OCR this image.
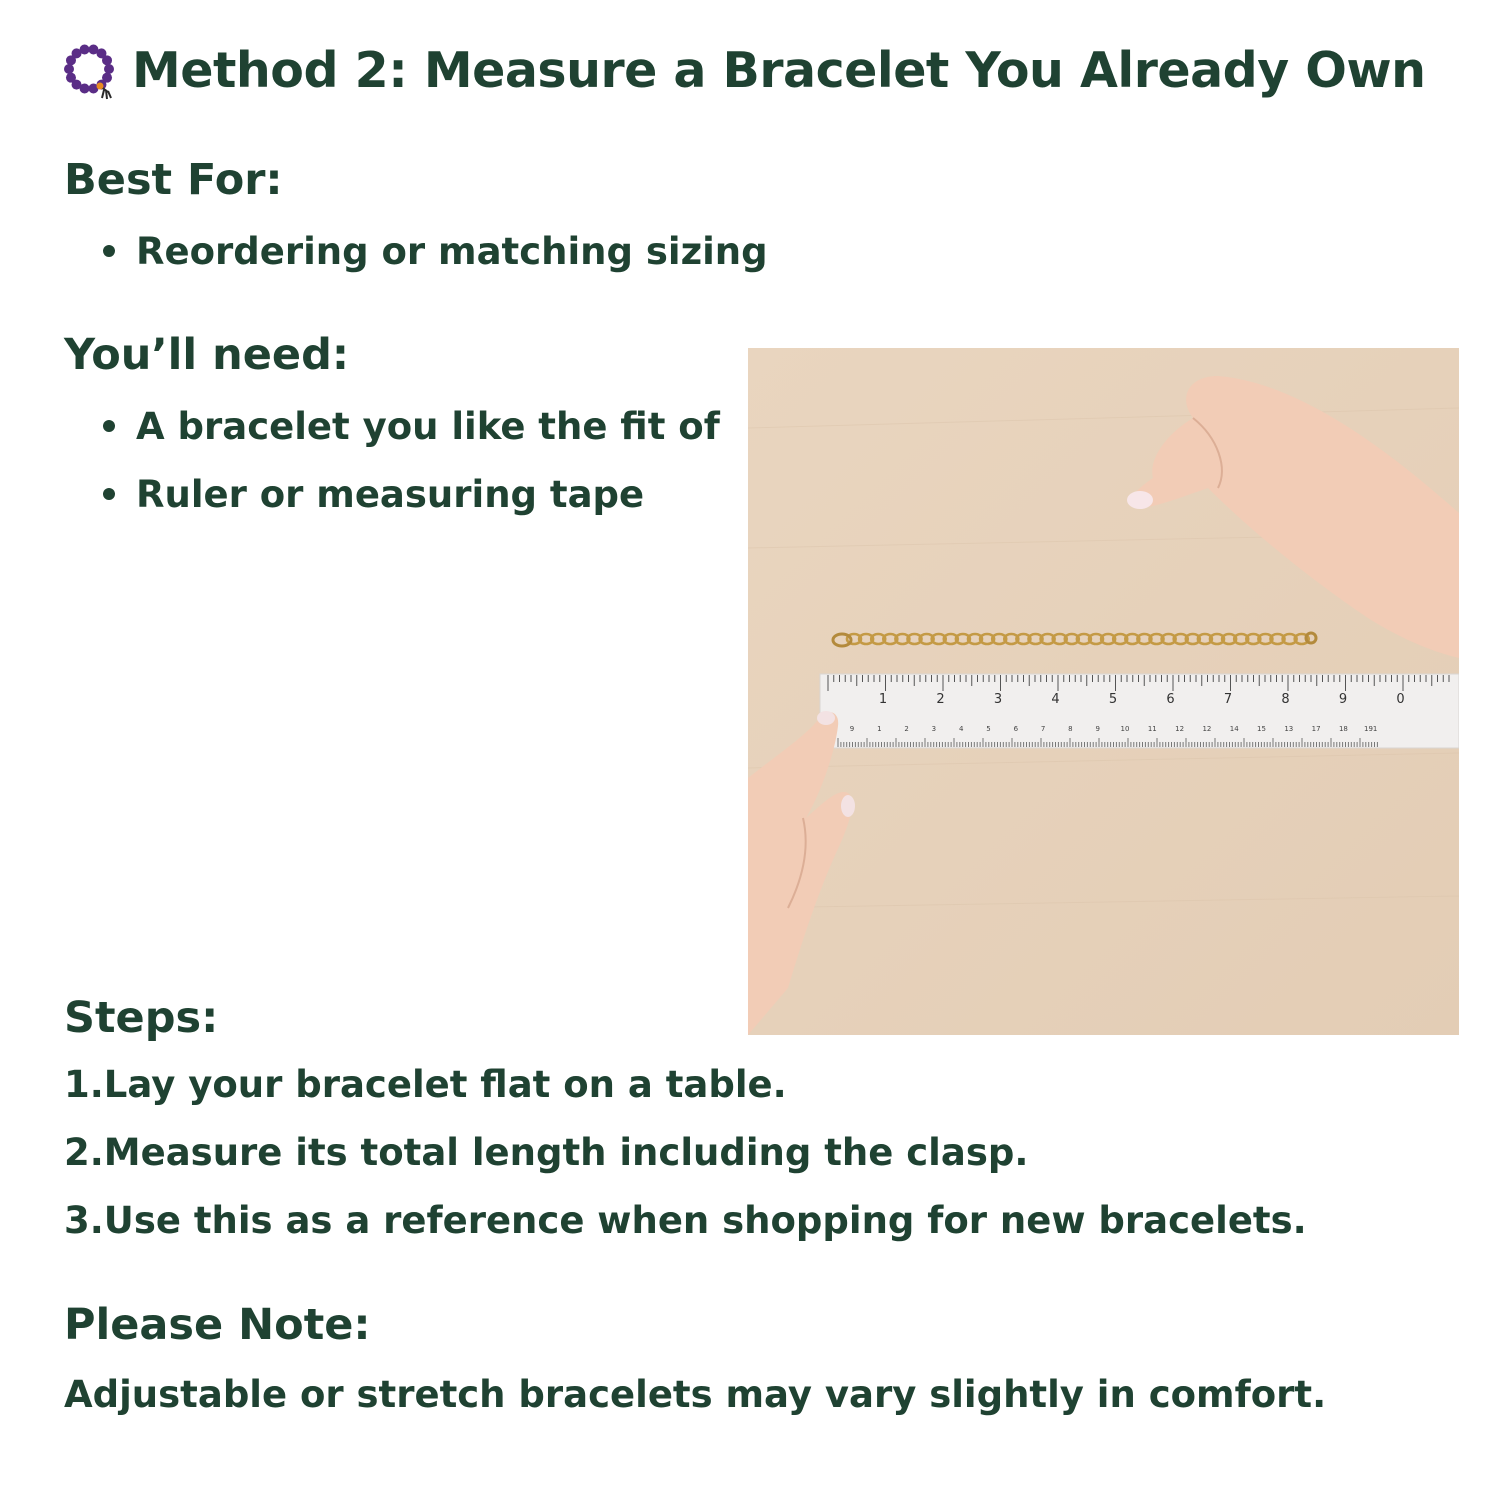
Method 2: Measure a Bracelet You Already Own
Best For:
Reordering or matching sizing
You’ll need:
A bracelet you like the fit of
Ruler or measuring tape
1	2	3	4	5	6	7	8	9	0
9	1	2	3	4	5	6	7	8	9	10	11	12	12	14	15	13	17	18 191
Steps:
1.Lay your bracelet flat on a table.
2.Measure its total length including the clasp.
3.Use this as a reference when shopping for new bracelets.
Please Note:
Adjustable or stretch bracelets may vary slightly in comfort.
